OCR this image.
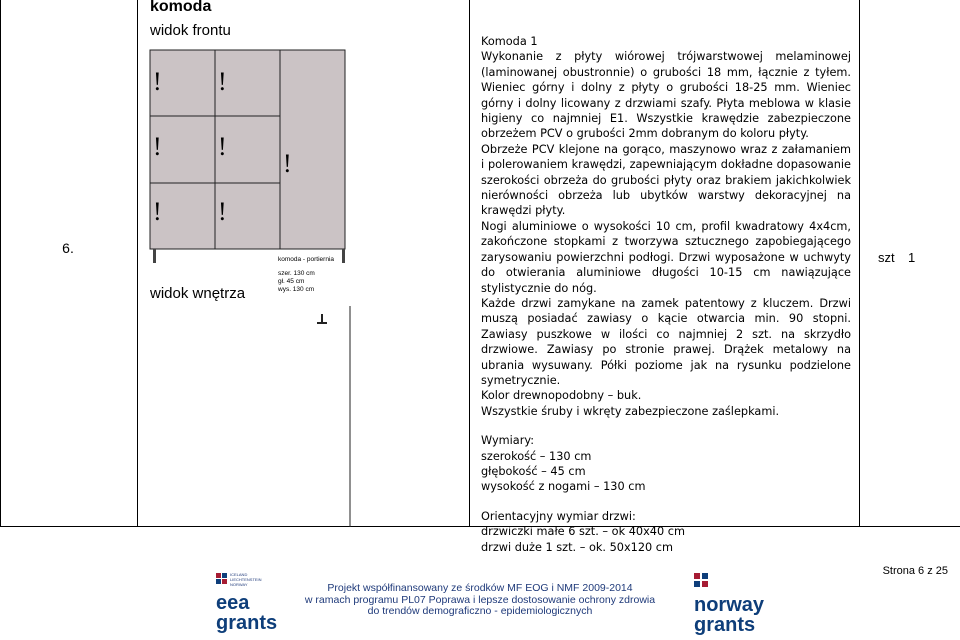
6.
komoda
widok frontu
widok wnętrza
! !
! !
! !
!
komoda - portiernia
szer. 130 cm
gł. 45 cm
wys. 130 cm

Komoda 1

Wykonanie z płyty wiórowej trójwarstwowej melaminowej (laminowanej obustronnie) o grubości 18 mm, łącznie z tyłem. Wieniec górny i dolny z płyty o grubości 18-25 mm. Wieniec górny i dolny licowany z drzwiami szafy. Płyta meblowa w klasie higieny co najmniej E1. Wszystkie krawędzie zabezpieczone obrzeżem PCV o grubości 2mm dobranym do koloru płyty.

Obrzeże PCV klejone na gorąco, maszynowo wraz z załamaniem i polerowaniem krawędzi, zapewniającym dokładne dopasowanie szerokości obrzeża do grubości płyty oraz brakiem jakichkolwiek nierówności obrzeża lub ubytków warstwy dekoracyjnej na krawędzi płyty.

Nogi aluminiowe o wysokości 10 cm, profil kwadratowy 4x4cm, zakończone stopkami z tworzywa sztucznego zapobiegającego zarysowaniu powierzchni podłogi. Drzwi wyposażone w uchwyty do otwierania aluminiowe długości 10-15 cm nawiązujące stylistycznie do nóg.

Każde drzwi zamykane na zamek patentowy z kluczem. Drzwi muszą posiadać zawiasy o kącie otwarcia min. 90 stopni. Zawiasy puszkowe w ilości co najmniej 2 szt. na skrzydło drzwiowe. Zawiasy po stronie prawej. Drążek metalowy na ubrania wysuwany. Półki poziome jak na rysunku podzielone symetrycznie.

Kolor drewnopodobny – buk.

Wszystkie śruby i wkręty zabezpieczone zaślepkami.

Wymiary:

szerokość – 130 cm

głębokość – 45 cm

wysokość z nogami – 130 cm

Orientacyjny wymiar drzwi:

drzwiczki małe 6 szt. – ok 40x40 cm

drzwi duże 1 szt. – ok. 50x120 cm

szt 1
Strona 6 z 25
ICELAND
LIECHTENSTEIN
NORWAY
eea
grants
Projekt współfinansowany ze środków MF EOG i NMF 2009-2014
w ramach programu PL07 Poprawa i lepsze dostosowanie ochrony zdrowia
do trendów demograficzno - epidemiologicznych	norway
grants
